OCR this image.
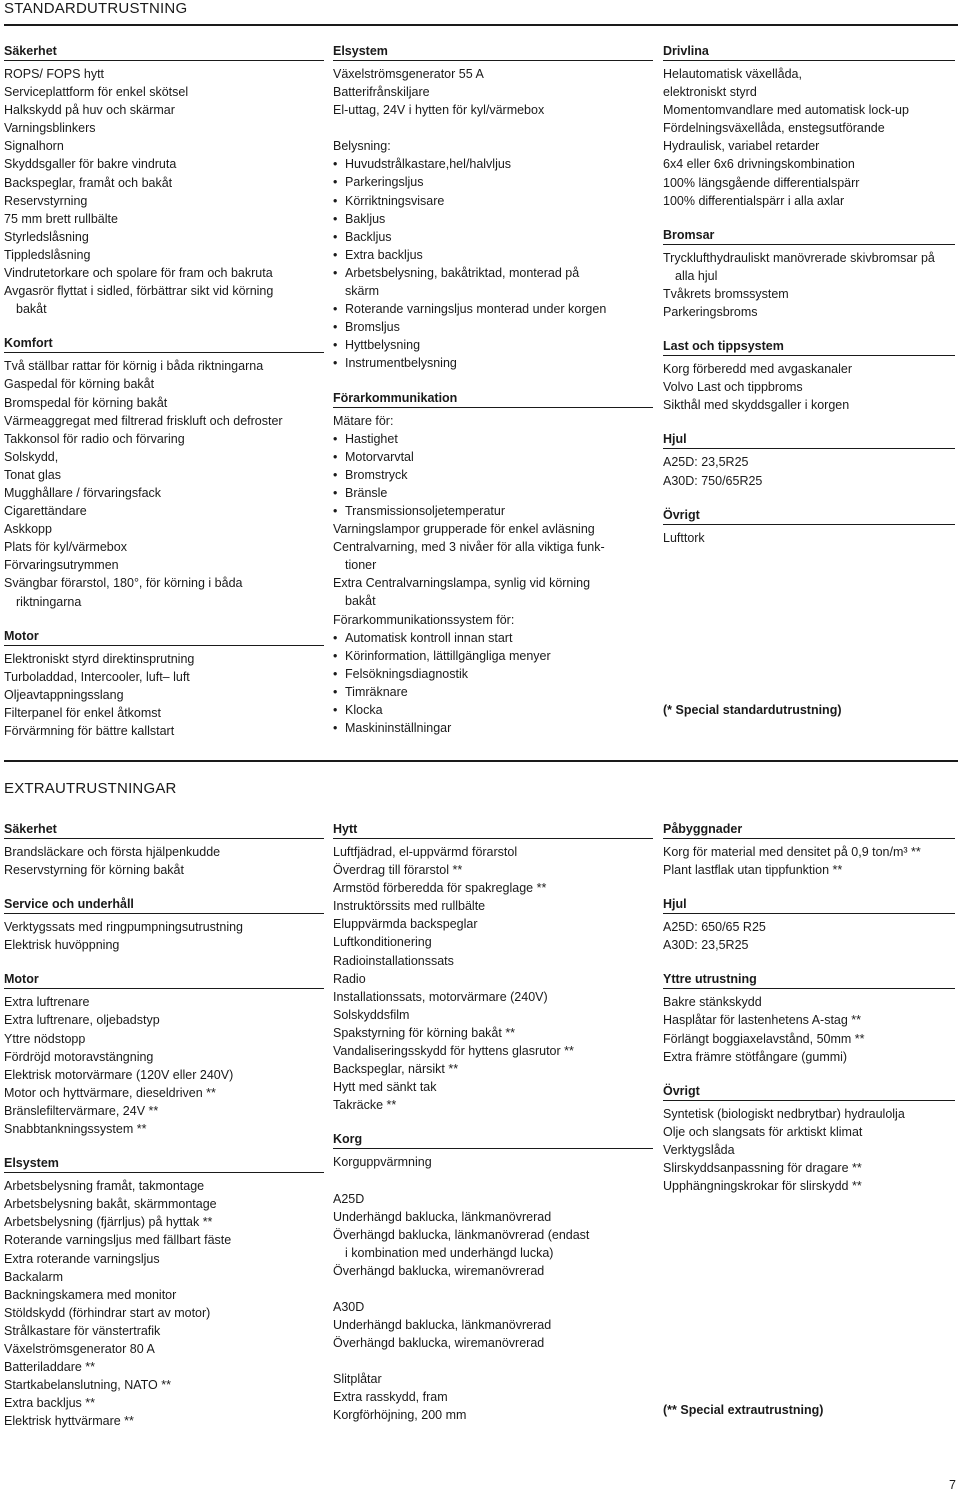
STANDARDUTRUSTNING
Säkerhet
ROPS/ FOPS hytt
Serviceplattform för enkel skötsel
Halkskydd på huv och skärmar
Varningsblinkers
Signalhorn
Skyddsgaller för bakre vindruta
Backspeglar, framåt och bakåt
Reservstyrning
75 mm brett rullbälte
Styrledslåsning
Tippledslåsning
Vindrutetorkare och spolare för fram och bakruta
Avgasrör flyttat i sidled, förbättrar sikt vid körning
bakåt
Komfort
Två ställbar rattar för körnig i båda riktningarna
Gaspedal för körning bakåt
Bromspedal för körning bakåt
Värmeaggregat med filtrerad friskluft och defroster
Takkonsol för radio och förvaring
Solskydd,
Tonat glas
Mugghållare / förvaringsfack
Cigarettändare
Askkopp
Plats för kyl/värmebox
Förvaringsutrymmen
Svängbar förarstol, 180°, för körning i båda
riktningarna
Motor
Elektroniskt styrd direktinsprutning
Turboladdad, Intercooler, luft– luft
Oljeavtappningsslang
Filterpanel för enkel åtkomst
Förvärmning för bättre kallstart
Elsystem
Växelströmsgenerator 55 A
Batterifrånskiljare
El-uttag, 24V i hytten för kyl/värmebox
Belysning:
• Huvudstrålkastare,hel/halvljus
• Parkeringsljus
• Körriktningsvisare
• Bakljus
• Backljus
• Extra backljus
• Arbetsbelysning, bakåtriktad, monterad på
skärm
• Roterande varningsljus monterad under korgen
• Bromsljus
• Hyttbelysning
• Instrumentbelysning
Förarkommunikation
Mätare för:
• Hastighet
• Motorvarvtal
• Bromstryck
• Bränsle
• Transmissionsoljetemperatur
Varningslampor grupperade för enkel avläsning
Centralvarning, med 3 nivåer för alla viktiga funk-
tioner
Extra Centralvarningslampa, synlig vid körning
bakåt
Förarkommunikationssystem för:
• Automatisk kontroll innan start
• Körinformation, lättillgängliga menyer
• Felsökningsdiagnostik
• Timräknare
• Klocka
• Maskininställningar
Drivlina
Helautomatisk växellåda,
elektroniskt styrd
Momentomvandlare med automatisk lock-up
Fördelningsväxellåda, enstegsutförande
Hydraulisk, variabel retarder
6x4 eller 6x6 drivningskombination
100% längsgående differentialspärr
100% differentialspärr i alla axlar
Bromsar
Trycklufthydrauliskt manövrerade skivbromsar på
alla hjul
Tvåkrets bromssystem
Parkeringsbroms
Last och tippsystem
Korg förberedd med avgaskanaler
Volvo Last och tippbroms
Sikthål med skyddsgaller i korgen
Hjul
A25D: 23,5R25
A30D: 750/65R25
Övrigt
Lufttork
(* Special standardutrustning)
EXTRAUTRUSTNINGAR
Säkerhet
Brandsläckare och första hjälpenkudde
Reservstyrning för körning bakåt
Service och underhåll
Verktygssats med ringpumpningsutrustning
Elektrisk huvöppning
Motor
Extra luftrenare
Extra luftrenare, oljebadstyp
Yttre nödstopp
Fördröjd motoravstängning
Elektrisk motorvärmare (120V eller 240V)
Motor och hyttvärmare, dieseldriven **
Bränslefiltervärmare, 24V **
Snabbtankningssystem **
Elsystem
Arbetsbelysning framåt, takmontage
Arbetsbelysning bakåt, skärmmontage
Arbetsbelysning (fjärrljus) på hyttak **
Roterande varningsljus med fällbart fäste
Extra roterande varningsljus
Backalarm
Backningskamera med monitor
Stöldskydd (förhindrar start av motor)
Strålkastare för vänstertrafik
Växelströmsgenerator 80 A
Batteriladdare **
Startkabelanslutning, NATO **
Extra backljus **
Elektrisk hyttvärmare **
Hytt
Luftfjädrad, el-uppvärmd förarstol
Överdrag till förarstol **
Armstöd förberedda för spakreglage **
Instruktörssits med rullbälte
Eluppvärmda backspeglar
Luftkonditionering
Radioinstallationssats
Radio
Installationssats, motorvärmare (240V)
Solskyddsfilm
Spakstyrning för körning bakåt **
Vandaliseringsskydd för hyttens glasrutor **
Backspeglar, närsikt **
Hytt med sänkt tak
Takräcke **
Korg
Korguppvärmning
A25D
Underhängd baklucka, länkmanövrerad
Överhängd baklucka, länkmanövrerad (endast
i kombination med underhängd lucka)
Överhängd baklucka, wiremanövrerad
A30D
Underhängd baklucka, länkmanövrerad
Överhängd baklucka, wiremanövrerad
Slitplåtar
Extra rasskydd, fram
Korgförhöjning, 200 mm
Påbyggnader
Korg för material med densitet på 0,9 ton/m³ **
Plant lastflak utan tippfunktion **
Hjul
A25D: 650/65 R25
A30D: 23,5R25
Yttre utrustning
Bakre stänkskydd
Hasplåtar för lastenhetens A-stag **
Förlängt boggiaxelavstånd, 50mm **
Extra främre stötfångare (gummi)
Övrigt
Syntetisk (biologiskt nedbrytbar) hydraulolja
Olje och slangsats för arktiskt klimat
Verktygslåda
Slirskyddsanpassning för dragare **
Upphängningskrokar för slirskydd **
(** Special extrautrustning)
7
